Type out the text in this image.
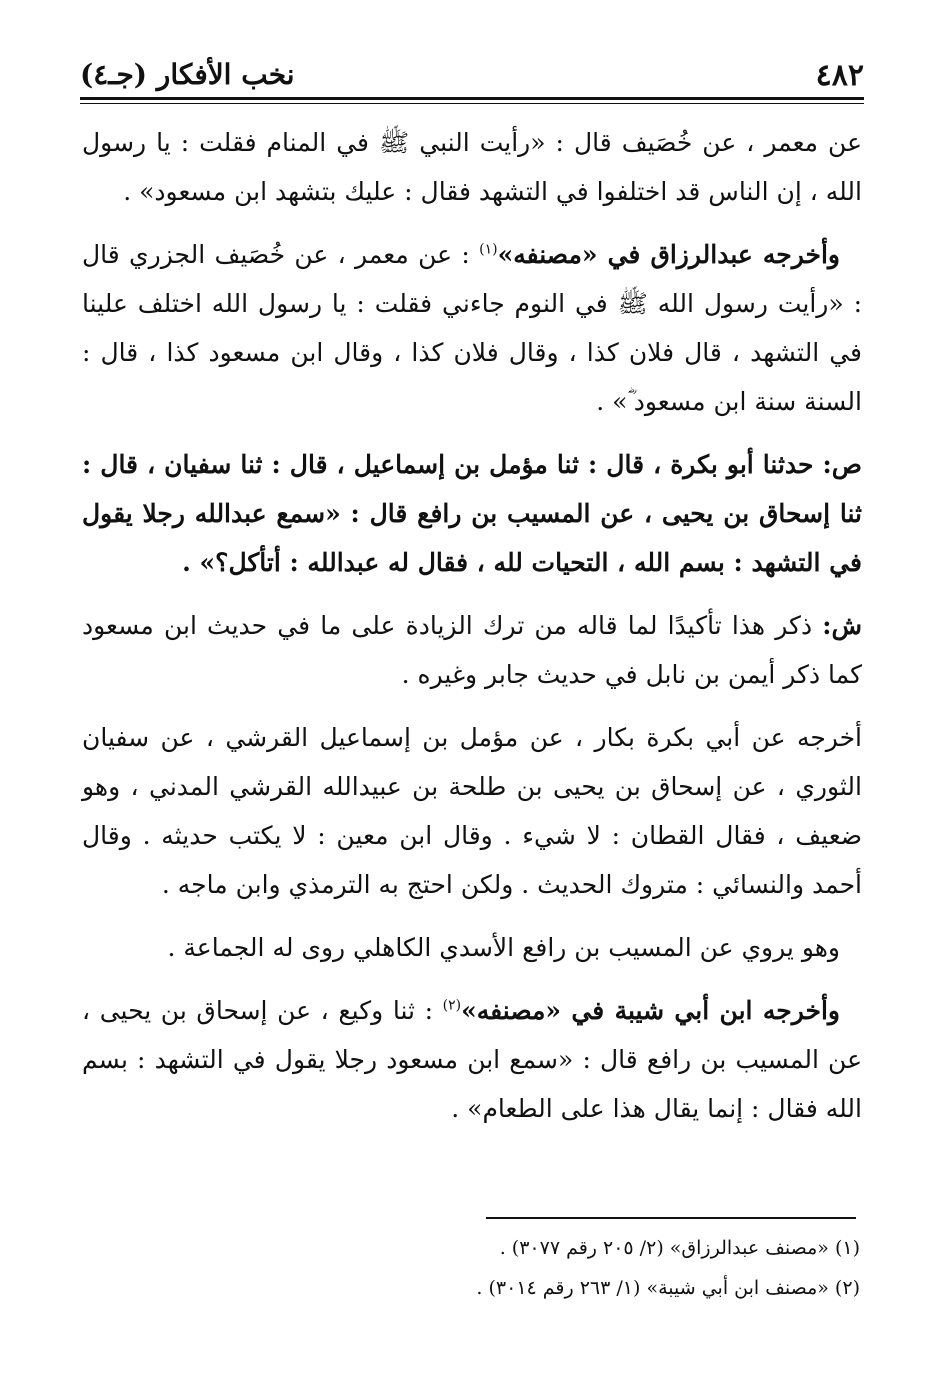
٤٨٢
نخب الأفكار (جـ٤)

عن معمر ، عن خُصَيف قال : «رأيت النبي ﷺ في المنام فقلت : يا رسول الله ، إن الناس قد اختلفوا في التشهد فقال : عليك بتشهد ابن مسعود» .

وأخرجه عبدالرزاق في «مصنفه»$^{(١)}$ : عن معمر ، عن خُصَيف الجزري قال : «رأيت رسول الله ﷺ في النوم جاءني فقلت : يا رسول الله اختلف علينا في التشهد ، قال فلان كذا ، وقال فلان كذا ، وقال ابن مسعود كذا ، قال : السنة سنة ابن مسعود ؓ» .

ص: حدثنا أبو بكرة ، قال : ثنا مؤمل بن إسماعيل ، قال : ثنا سفيان ، قال : ثنا إسحاق بن يحيى ، عن المسيب بن رافع قال : «سمع عبدالله رجلا يقول في التشهد : بسم الله ، التحيات لله ، فقال له عبدالله : أتأكل؟» .

ش: ذكر هذا تأكيدًا لما قاله من ترك الزيادة على ما في حديث ابن مسعود كما ذكر أيمن بن نابل في حديث جابر وغيره .

أخرجه عن أبي بكرة بكار ، عن مؤمل بن إسماعيل القرشي ، عن سفيان الثوري ، عن إسحاق بن يحيى بن طلحة بن عبيدالله القرشي المدني ، وهو ضعيف ، فقال القطان : لا شيء . وقال ابن معين : لا يكتب حديثه . وقال أحمد والنسائي : متروك الحديث . ولكن احتج به الترمذي وابن ماجه .

وهو يروي عن المسيب بن رافع الأسدي الكاهلي روى له الجماعة .

وأخرجه ابن أبي شيبة في «مصنفه»$^{(٢)}$ : ثنا وكيع ، عن إسحاق بن يحيى ، عن المسيب بن رافع قال : «سمع ابن مسعود رجلا يقول في التشهد : بسم الله فقال : إنما يقال هذا على الطعام» .

(١) «مصنف عبدالرزاق» (٢/ ٢٠٥ رقم ٣٠٧٧) .

(٢) «مصنف ابن أبي شيبة» (١/ ٢٦٣ رقم ٣٠١٤) .
